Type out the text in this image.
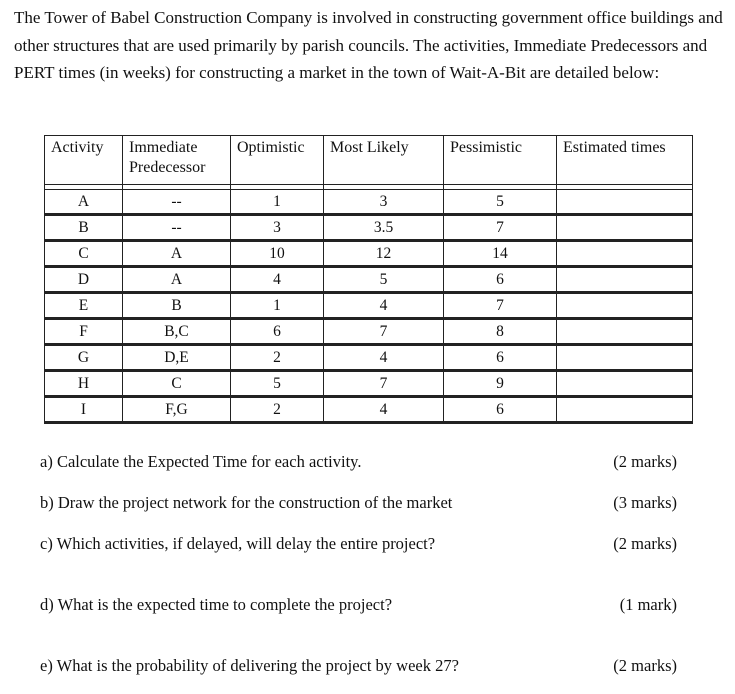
The Tower of Babel Construction Company is involved in constructing government office buildings and other structures that are used primarily by parish councils. The activities, Immediate Predecessors and PERT times (in weeks) for constructing a market in the town of Wait-A-Bit are detailed below:

Activity	Immediate Predecessor	Optimistic	Most Likely	Pessimistic	Estimated times

A	--	1	3	5	
B	--	3	3.5	7	
C	A	10	12	14	
D	A	4	5	6	
E	B	1	4	7	
F	B,C	6	7	8	
G	D,E	2	4	6	
H	C	5	7	9	
I	F,G	2	4	6	
a) Calculate the Expected Time for each activity.	(2 marks)
b) Draw the project network for the construction of the market	(3 marks)
c) Which activities, if delayed, will delay the entire project?	(2 marks)
d) What is the expected time to complete the project?	(1 mark)
e) What is the probability of delivering the project by week 27?	(2 marks)
